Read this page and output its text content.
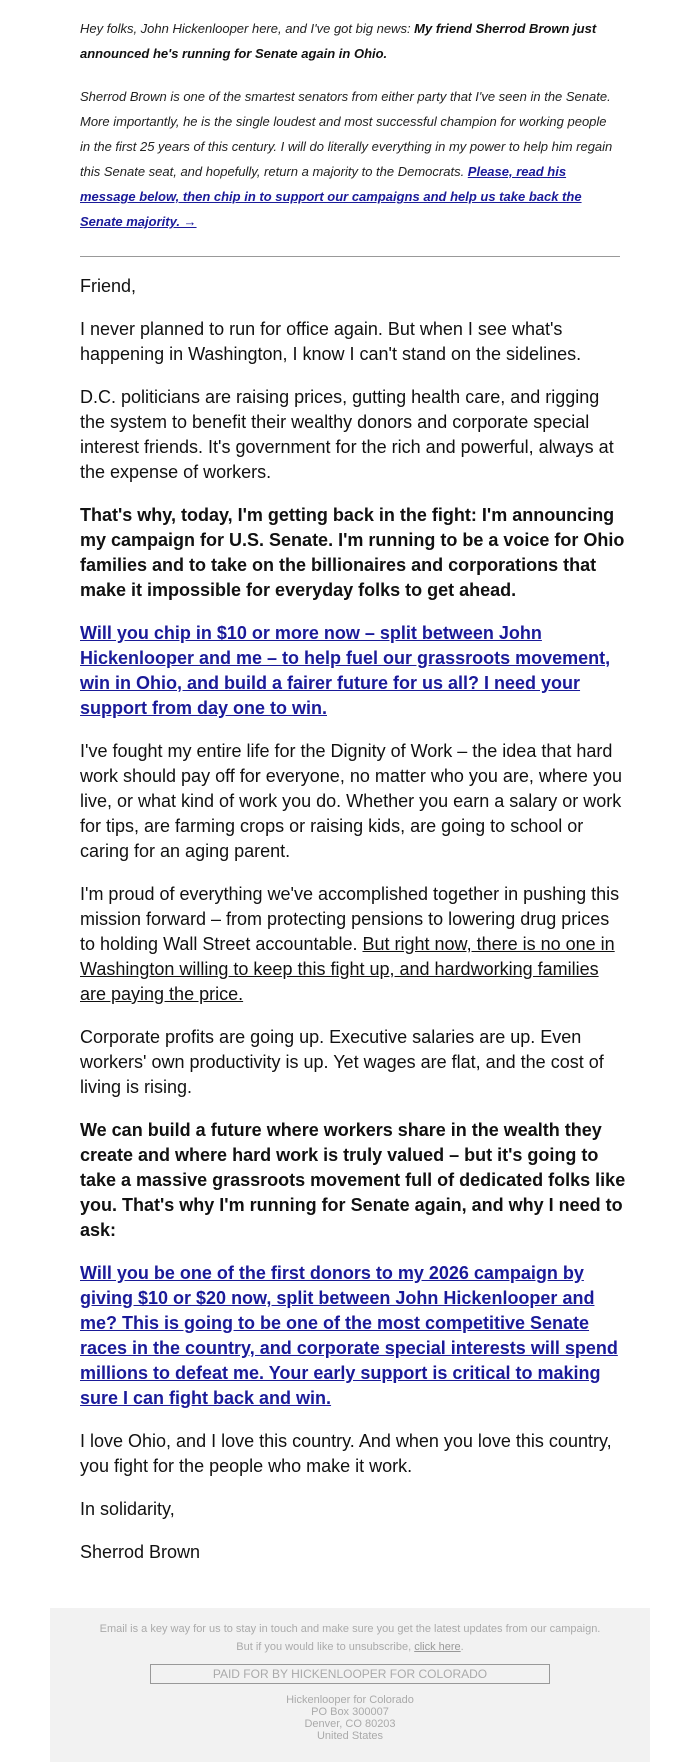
Hey folks, John Hickenlooper here, and I've got big news: My friend Sherrod Brown just announced he's running for Senate again in Ohio.

Sherrod Brown is one of the smartest senators from either party that I've seen in the Senate. More importantly, he is the single loudest and most successful champion for working people in the first 25 years of this century. I will do literally everything in my power to help him regain this Senate seat, and hopefully, return a majority to the Democrats. Please, read his message below, then chip in to support our campaigns and help us take back the Senate majority. →

Friend,

I never planned to run for office again. But when I see what's happening in Washington, I know I can't stand on the sidelines.

D.C. politicians are raising prices, gutting health care, and rigging the system to benefit their wealthy donors and corporate special interest friends. It's government for the rich and powerful, always at the expense of workers.

That's why, today, I'm getting back in the fight: I'm announcing my campaign for U.S. Senate. I'm running to be a voice for Ohio families and to take on the billionaires and corporations that make it impossible for everyday folks to get ahead.

Will you chip in $10 or more now – split between John Hickenlooper and me – to help fuel our grassroots movement, win in Ohio, and build a fairer future for us all? I need your support from day one to win.

I've fought my entire life for the Dignity of Work – the idea that hard work should pay off for everyone, no matter who you are, where you live, or what kind of work you do. Whether you earn a salary or work for tips, are farming crops or raising kids, are going to school or caring for an aging parent.

I'm proud of everything we've accomplished together in pushing this mission forward – from protecting pensions to lowering drug prices to holding Wall Street accountable. But right now, there is no one in Washington willing to keep this fight up, and hardworking families are paying the price.

Corporate profits are going up. Executive salaries are up. Even workers' own productivity is up. Yet wages are flat, and the cost of living is rising.

We can build a future where workers share in the wealth they create and where hard work is truly valued – but it's going to take a massive grassroots movement full of dedicated folks like you. That's why I'm running for Senate again, and why I need to ask:

Will you be one of the first donors to my 2026 campaign by giving $10 or $20 now, split between John Hickenlooper and me? This is going to be one of the most competitive Senate races in the country, and corporate special interests will spend millions to defeat me. Your early support is critical to making sure I can fight back and win.

I love Ohio, and I love this country. And when you love this country, you fight for the people who make it work.

In solidarity,

Sherrod Brown

Email is a key way for us to stay in touch and make sure you get the latest updates from our campaign.

But if you would like to unsubscribe, click here.

PAID FOR BY HICKENLOOPER FOR COLORADO
Hickenlooper for Colorado
PO Box 300007
Denver, CO 80203
United States
